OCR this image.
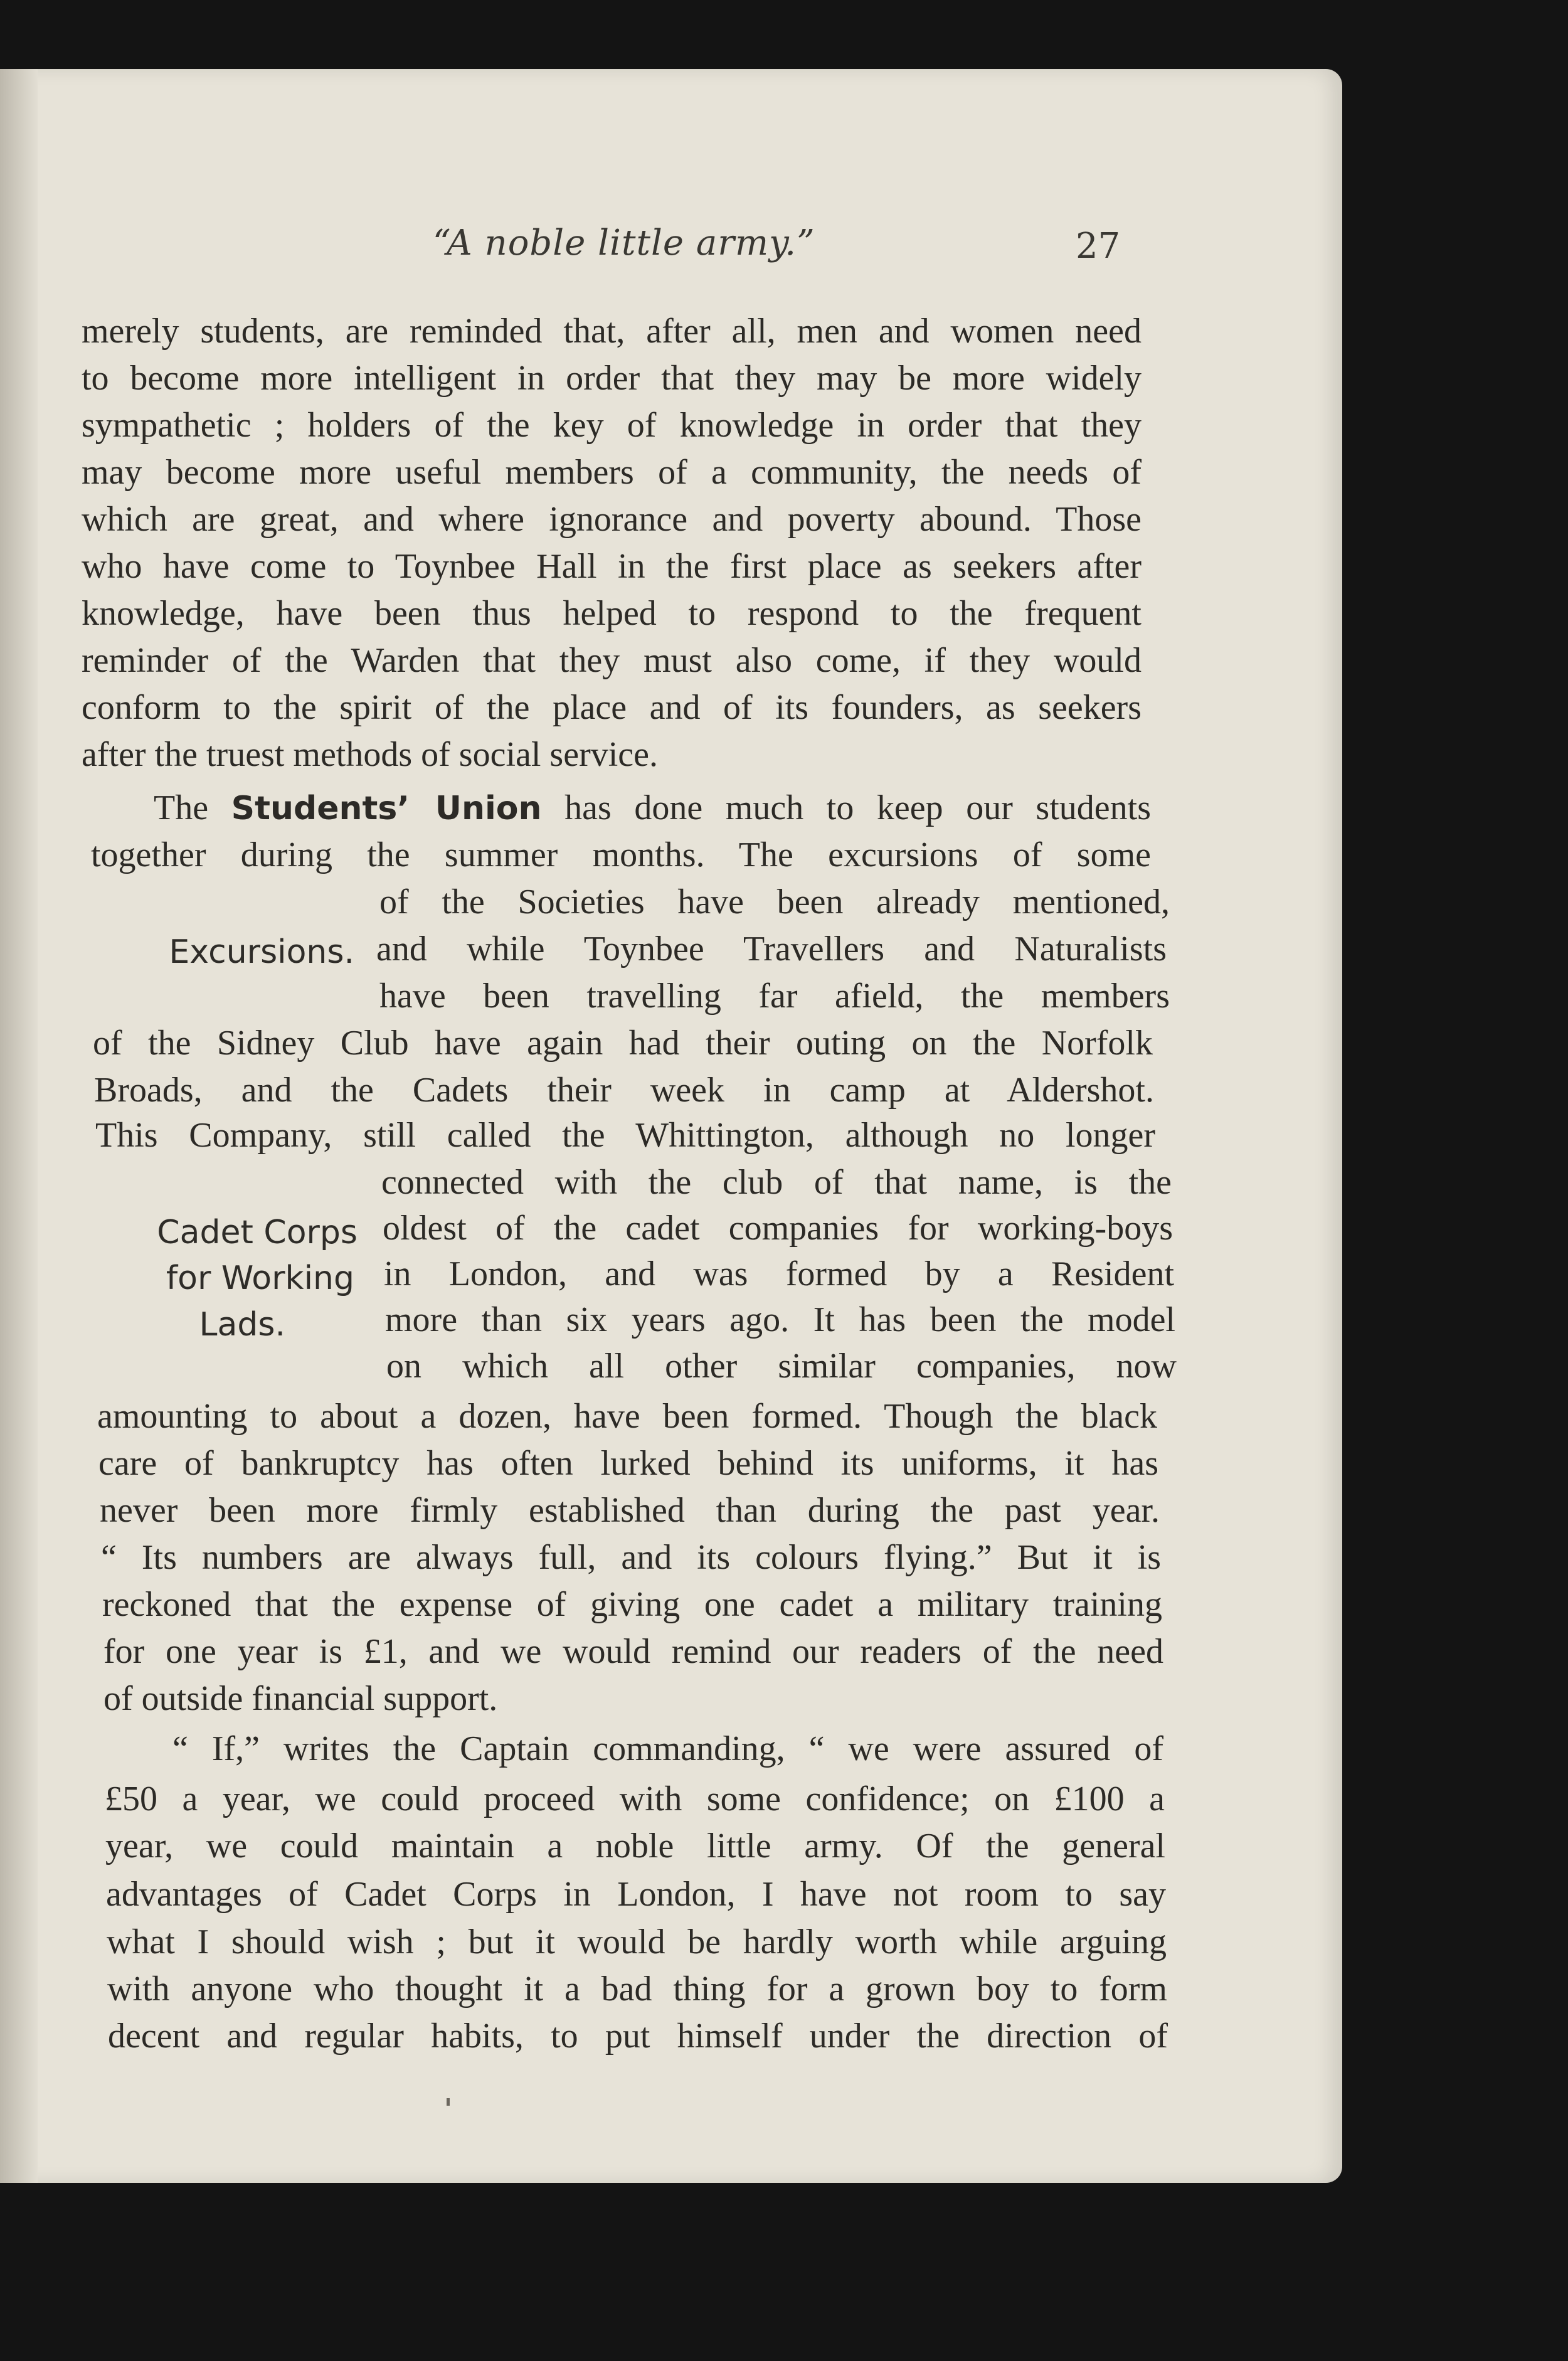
“A noble little army.”	27
merely students, are reminded that, after all, men and women need
to become more intelligent in order that they may be more widely
sympathetic ; holders of the key of knowledge in order that they
may become more useful members of a community, the needs of
which are great, and where ignorance and poverty abound. Those
who have come to Toynbee Hall in the first place as seekers after
knowledge, have been thus helped to respond to the frequent
reminder of the Warden that they must also come, if they would
conform to the spirit of the place and of its founders, as seekers
after the truest methods of social service.
The Students’ Union has done much to keep our students
together during the summer months. The excursions of some
of the Societies have been already mentioned,
and while Toynbee Travellers and Naturalists
have been travelling far afield, the members
Excursions.
of the Sidney Club have again had their outing on the Norfolk
Broads, and the Cadets their week in camp at Aldershot.
This Company, still called the Whittington, although no longer
connected with the club of that name, is the
oldest of the cadet companies for working-boys
in London, and was formed by a Resident
more than six years ago. It has been the model
on which all other similar companies, now
Cadet Corps
for Working
Lads.
amounting to about a dozen, have been formed. Though the black
care of bankruptcy has often lurked behind its uniforms, it has
never been more firmly established than during the past year.
“ Its numbers are always full, and its colours flying.” But it is
reckoned that the expense of giving one cadet a military training
for one year is £1, and we would remind our readers of the need
of outside financial support.
“ If,” writes the Captain commanding, “ we were assured of
£50 a year, we could proceed with some confidence; on £100 a
year, we could maintain a noble little army. Of the general
advantages of Cadet Corps in London, I have not room to say
what I should wish ; but it would be hardly worth while arguing
with anyone who thought it a bad thing for a grown boy to form
decent and regular habits, to put himself under the direction of
